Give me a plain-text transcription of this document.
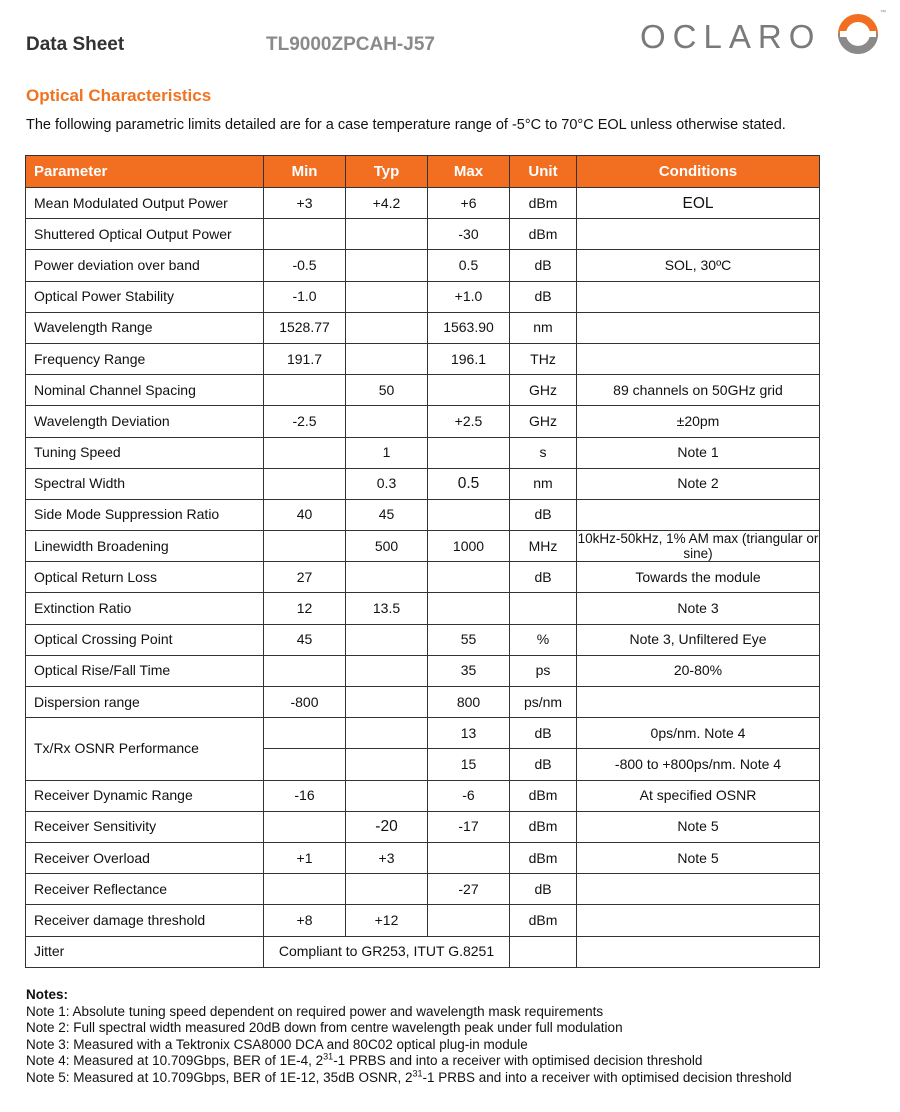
Data Sheet	TL9000ZPCAH-J57	OCLARO
™
Optical Characteristics
The following parametric limits detailed are for a case temperature range of -5°C to 70°C EOL unless otherwise stated.
Parameter	Min	Typ	Max	Unit	Conditions
Mean Modulated Output Power	+3	+4.2	+6	dBm	EOL
Shuttered Optical Output Power			-30	dBm	
Power deviation over band	-0.5		0.5	dB	SOL, 30ºC
Optical Power Stability	-1.0		+1.0	dB	
Wavelength Range	1528.77		1563.90	nm	
Frequency Range	191.7		196.1	THz	
Nominal Channel Spacing		50		GHz	89 channels on 50GHz grid
Wavelength Deviation	-2.5		+2.5	GHz	±20pm
Tuning Speed		1		s	Note 1
Spectral Width		0.3	0.5	nm	Note 2
Side Mode Suppression Ratio	40	45		dB	
Linewidth Broadening		500	1000	MHz	10kHz-50kHz, 1% AM max (triangular or sine)
Optical Return Loss	27			dB	Towards the module
Extinction Ratio	12	13.5			Note 3
Optical Crossing Point	45		55	%	Note 3, Unfiltered Eye
Optical Rise/Fall Time			35	ps	20-80%
Dispersion range	-800		800	ps/nm	
Tx/Rx OSNR Performance			13	dB	0ps/nm. Note 4
			15	dB	-800 to +800ps/nm. Note 4
Receiver Dynamic Range	-16		-6	dBm	At specified OSNR
Receiver Sensitivity		-20	-17	dBm	Note 5
Receiver Overload	+1	+3		dBm	Note 5
Receiver Reflectance			-27	dB	
Receiver damage threshold	+8	+12		dBm	
Jitter	Compliant to GR253, ITUT G.8251				
Notes:
Note 1: Absolute tuning speed dependent on required power and wavelength mask requirements
Note 2: Full spectral width measured 20dB down from centre wavelength peak under full modulation
Note 3: Measured with a Tektronix CSA8000 DCA and 80C02 optical plug-in module
Note 4: Measured at 10.709Gbps, BER of 1E-4, $2^{31}-1$ PRBS and into a receiver with optimised decision threshold
Note 5: Measured at 10.709Gbps, BER of 1E-12, 35dB OSNR, $2^{31}-1$ PRBS and into a receiver with optimised decision threshold
